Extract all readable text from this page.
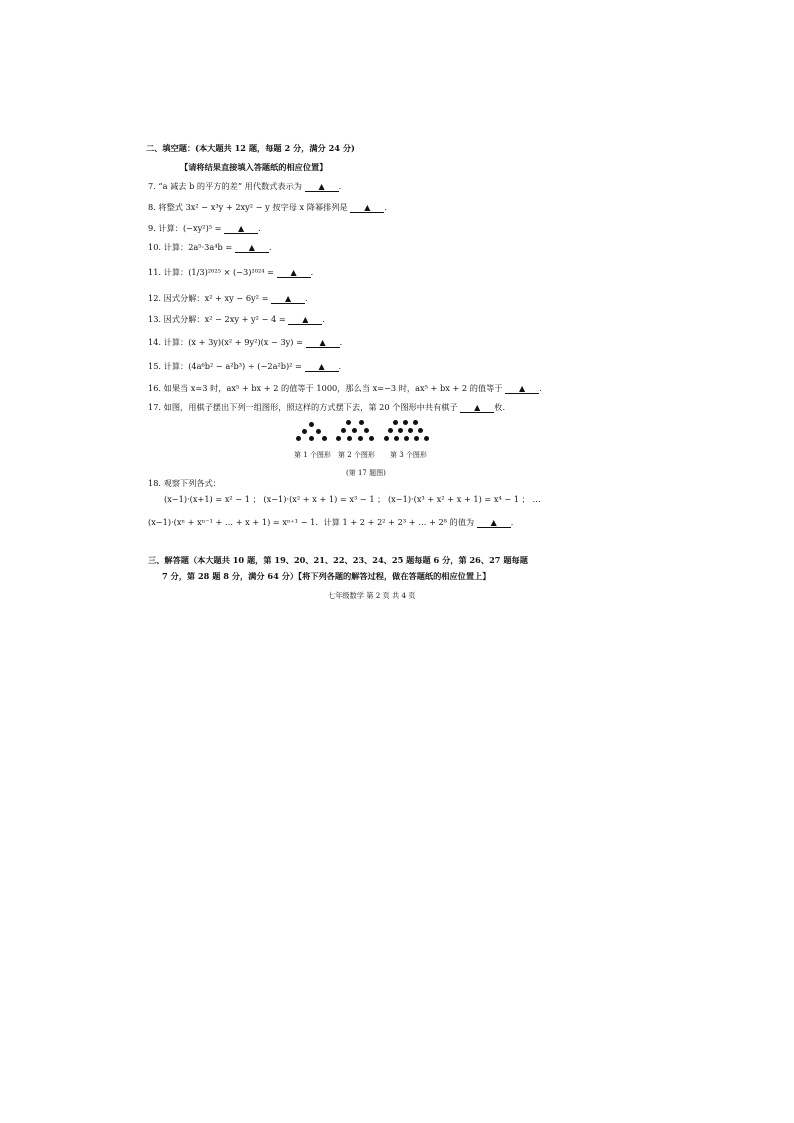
二、填空题：(本大题共 12 题，每题 2 分，满分 24 分)
【请将结果直接填入答题纸的相应位置】
7. “a 减去 b 的平方的差” 用代数式表示为 ▲ .
8. 将整式 3x² − x³y + 2xy² − y 按字母 x 降幂排列是 ▲ .
9. 计算：(−xy²)⁵ = ▲ .
10. 计算：2a⁵·3a⁴b = ▲ .
11. 计算：(1/3)²⁰²⁵ × (−3)²⁰²⁴ = ▲ .
12. 因式分解：x² + xy − 6y² = ▲ .
13. 因式分解：x² − 2xy + y² − 4 = ▲ .
14. 计算：(x + 3y)(x² + 9y²)(x − 3y) = ▲ .
15. 计算：(4a⁶b² − a²b³) ÷ (−2a²b)² = ▲ .
16. 如果当 x=3 时，ax⁵ + bx + 2 的值等于 1000，那么当 x=−3 时，ax⁵ + bx + 2 的值等于 ▲ .
17. 如图，用棋子摆出下列一组图形，照这样的方式摆下去，第 20 个图形中共有棋子 ▲ 枚.
第 1 个图形 第 2 个图形 第 3 个图形
(第 17 题图)
18. 观察下列各式：
(x−1)·(x+1) = x² − 1 ； (x−1)·(x² + x + 1) = x³ − 1 ； (x−1)·(x³ + x² + x + 1) = x⁴ − 1 ； …
(x−1)·(xⁿ + xⁿ⁻¹ + … + x + 1) = xⁿ⁺¹ − 1．计算 1 + 2 + 2² + 2³ + … + 2⁸ 的值为 ▲ .
三、解答题（本大题共 10 题，第 19、20、21、22、23、24、25 题每题 6 分，第 26、27 题每题
7 分，第 28 题 8 分，满分 64 分）【将下列各题的解答过程，做在答题纸的相应位置上】
七年级数学 第 2 页 共 4 页
